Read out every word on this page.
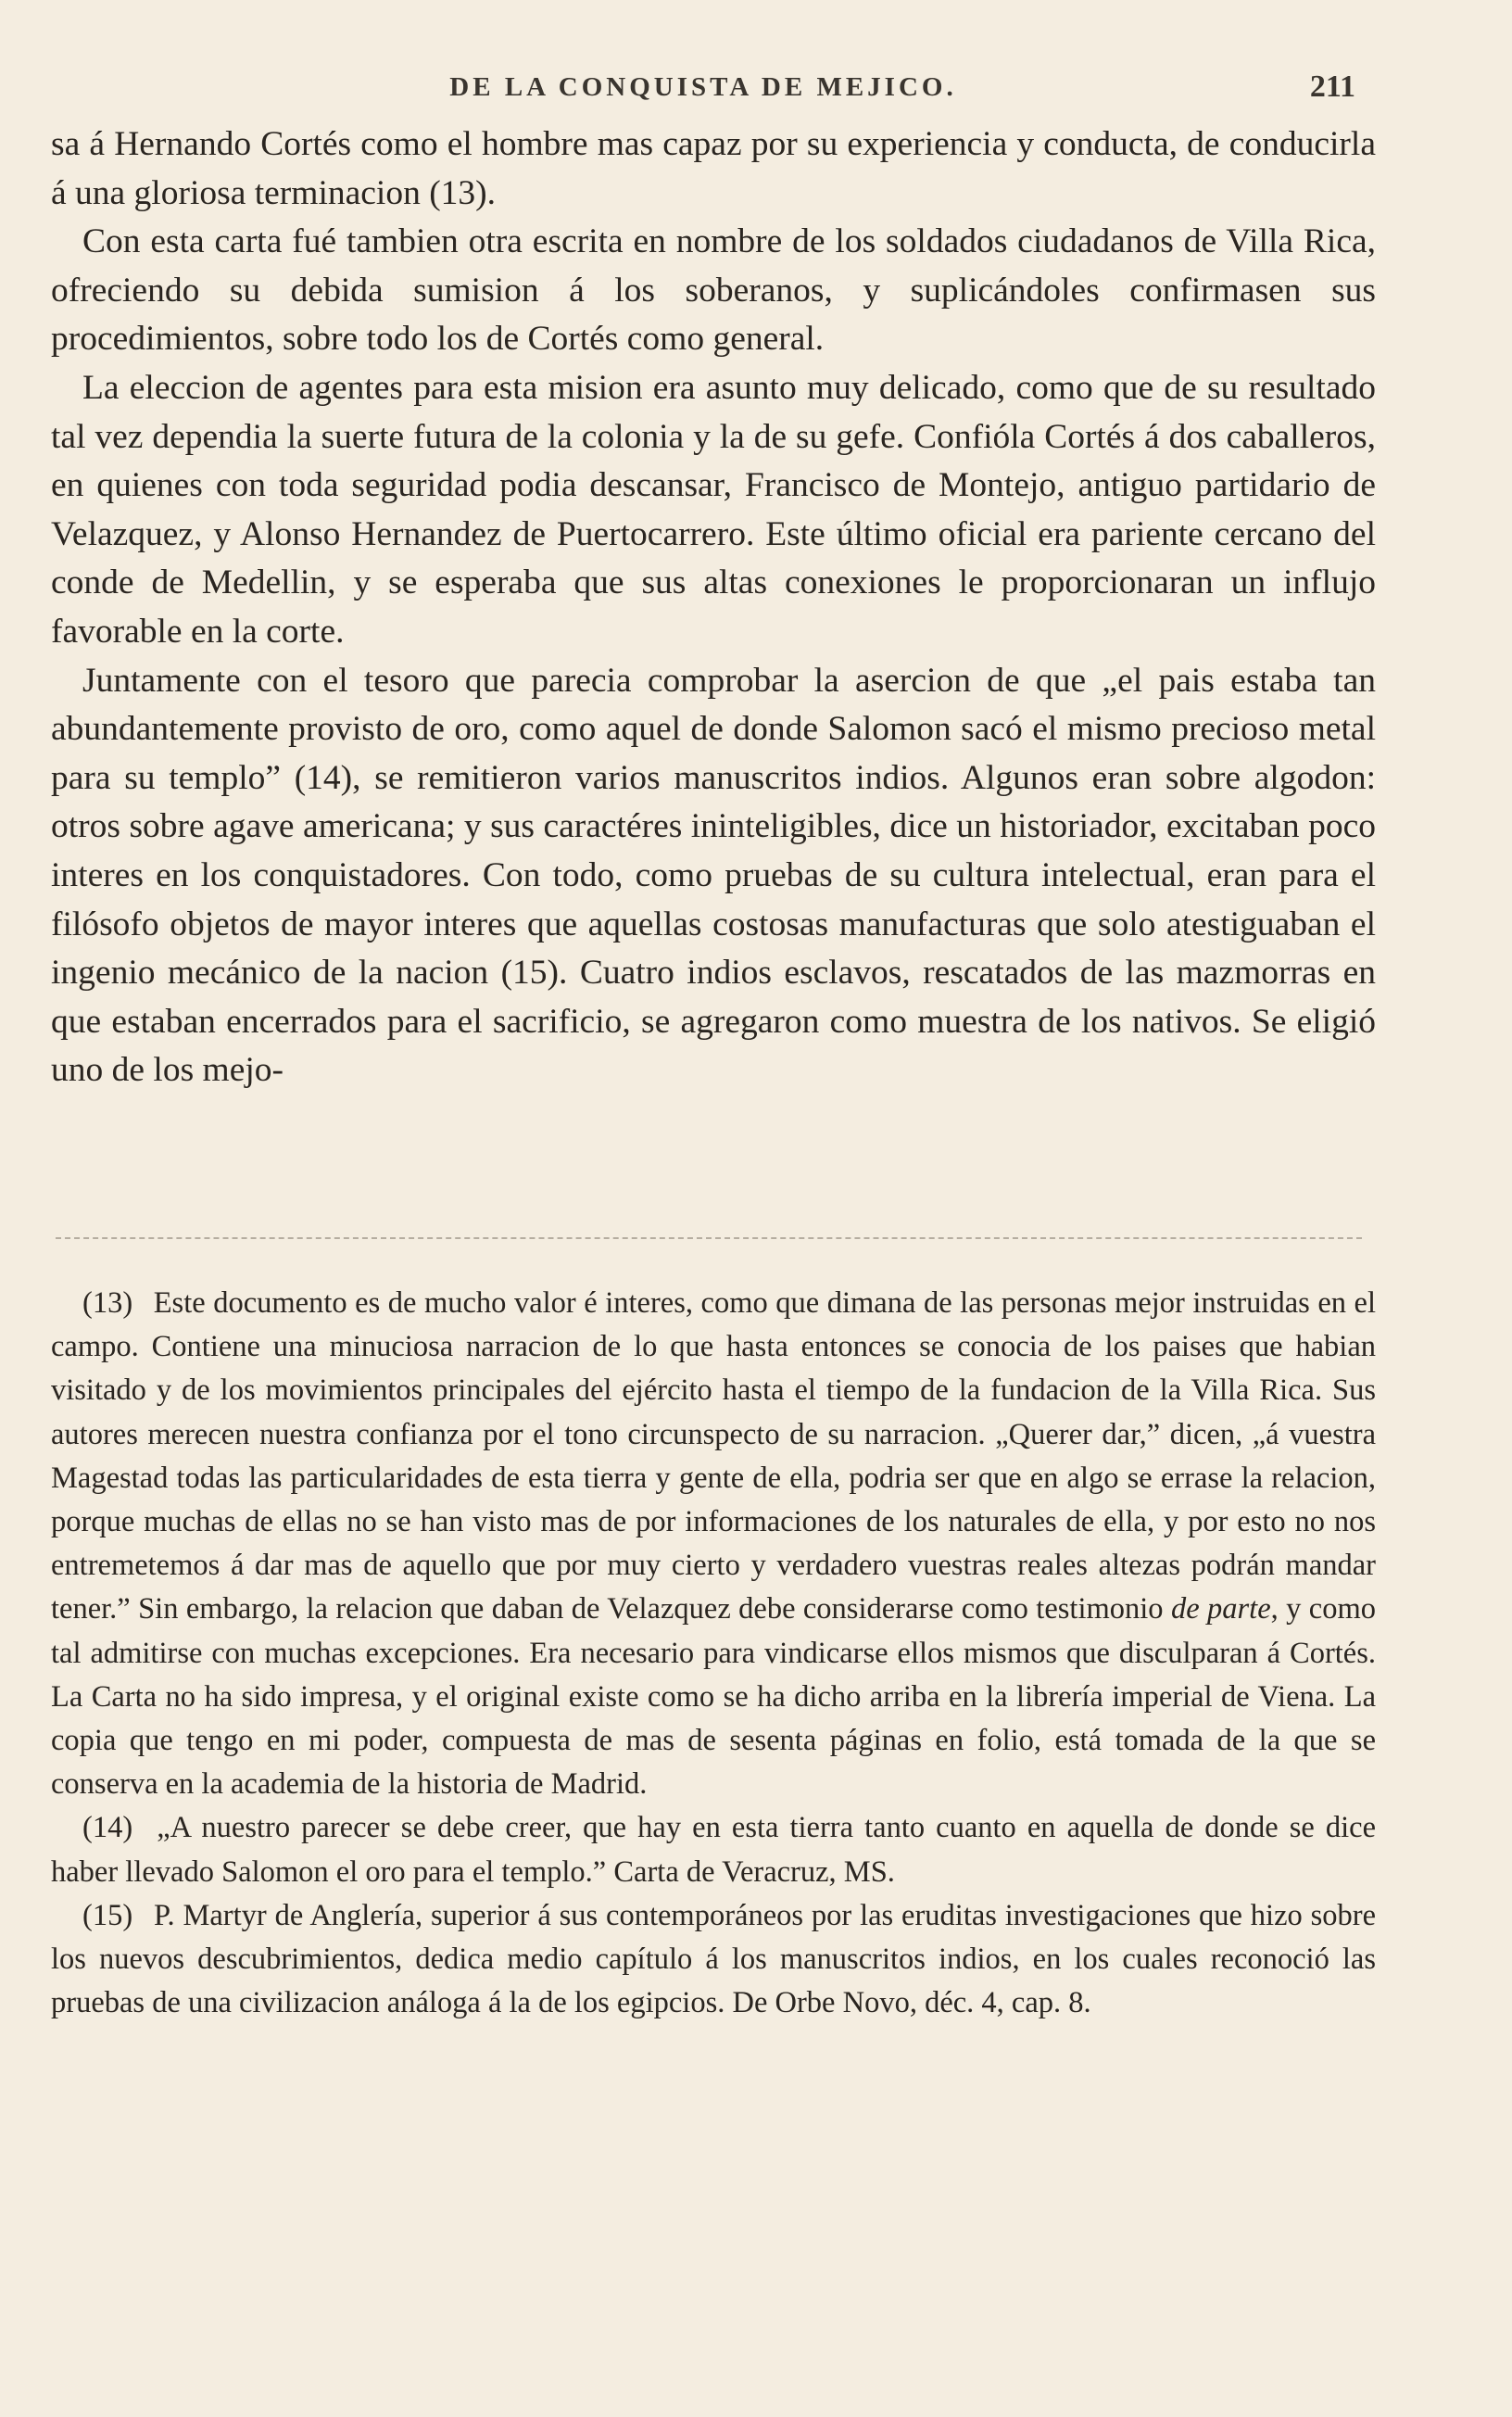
DE LA CONQUISTA DE MEJICO.	211

sa á Hernando Cortés como el hombre mas capaz por su experiencia y conducta, de conducirla á una gloriosa terminacion (13).

Con esta carta fué tambien otra escrita en nombre de los soldados ciudadanos de Villa Rica, ofreciendo su debida sumision á los soberanos, y suplicándoles confirmasen sus procedimientos, sobre todo los de Cortés como general.

La eleccion de agentes para esta mision era asunto muy delicado, como que de su resultado tal vez dependia la suerte futura de la colonia y la de su gefe. Confióla Cortés á dos caballeros, en quienes con toda seguridad podia descansar, Francisco de Montejo, antiguo partidario de Velazquez, y Alonso Hernandez de Puertocarrero. Este último oficial era pariente cercano del conde de Medellin, y se esperaba que sus altas conexiones le proporcionaran un influjo favorable en la corte.

Juntamente con el tesoro que parecia comprobar la asercion de que „el pais estaba tan abundantemente provisto de oro, como aquel de donde Salomon sacó el mismo precioso metal para su templo” (14), se remitieron varios manuscritos indios. Algunos eran sobre algodon: otros sobre agave americana; y sus caractéres ininteligibles, dice un historiador, excitaban poco interes en los conquistadores. Con todo, como pruebas de su cultura intelectual, eran para el filósofo objetos de mayor interes que aquellas costosas manufacturas que solo atestiguaban el ingenio mecánico de la nacion (15). Cuatro indios esclavos, rescatados de las mazmorras en que estaban encerrados para el sacrificio, se agregaron como muestra de los nativos. Se eligió uno de los mejo-

(13) Este documento es de mucho valor é interes, como que dimana de las personas mejor instruidas en el campo. Contiene una minuciosa narracion de lo que hasta entonces se conocia de los paises que habian visitado y de los movimientos principales del ejército hasta el tiempo de la fundacion de la Villa Rica. Sus autores merecen nuestra confianza por el tono circunspecto de su narracion. „Querer dar,” dicen, „á vuestra Magestad todas las particularidades de esta tierra y gente de ella, podria ser que en algo se errase la relacion, porque muchas de ellas no se han visto mas de por informaciones de los naturales de ella, y por esto no nos entremetemos á dar mas de aquello que por muy cierto y verdadero vuestras reales altezas podrán mandar tener.” Sin embargo, la relacion que daban de Velazquez debe considerarse como testimonio de parte, y como tal admitirse con muchas excepciones. Era necesario para vindicarse ellos mismos que disculparan á Cortés. La Carta no ha sido impresa, y el original existe como se ha dicho arriba en la librería imperial de Viena. La copia que tengo en mi poder, compuesta de mas de sesenta páginas en folio, está tomada de la que se conserva en la academia de la historia de Madrid.

(14) „A nuestro parecer se debe creer, que hay en esta tierra tanto cuanto en aquella de donde se dice haber llevado Salomon el oro para el templo.” Carta de Veracruz, MS.

(15) P. Martyr de Anglería, superior á sus contemporáneos por las eruditas investigaciones que hizo sobre los nuevos descubrimientos, dedica medio capítulo á los manuscritos indios, en los cuales reconoció las pruebas de una civilizacion análoga á la de los egipcios. De Orbe Novo, déc. 4, cap. 8.
